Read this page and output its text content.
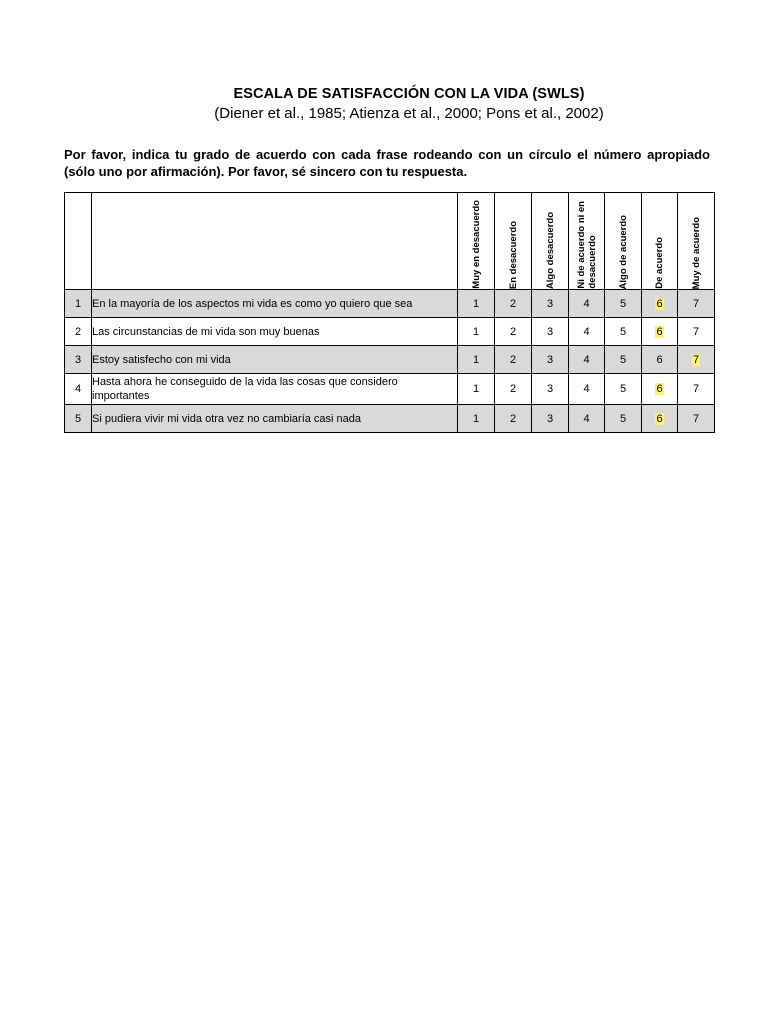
ESCALA DE SATISFACCIÓN CON LA VIDA (SWLS)
(Diener et al., 1985; Atienza et al., 2000; Pons et al., 2002)
Por favor, indica tu grado de acuerdo con cada frase rodeando con un círculo el número apropiado (sólo uno por afirmación). Por favor, sé sincero con tu respuesta.

		Muy en desacuerdo	En desacuerdo	Algo desacuerdo	Ni de acuerdo ni en
desacuerdo	Algo de acuerdo	De acuerdo	Muy de acuerdo

1	En la mayoría de los aspectos mi vida es como yo quiero que sea	1	2	3	4	5	6	7
2	Las circunstancias de mi vida son muy buenas	1	2	3	4	5	6	7
3	Estoy satisfecho con mi vida	1	2	3	4	5	6	7
4	Hasta ahora he conseguido de la vida las cosas que considero importantes	1	2	3	4	5	6	7
5	Si pudiera vivir mi vida otra vez no cambiaría casi nada	1	2	3	4	5	6	7
